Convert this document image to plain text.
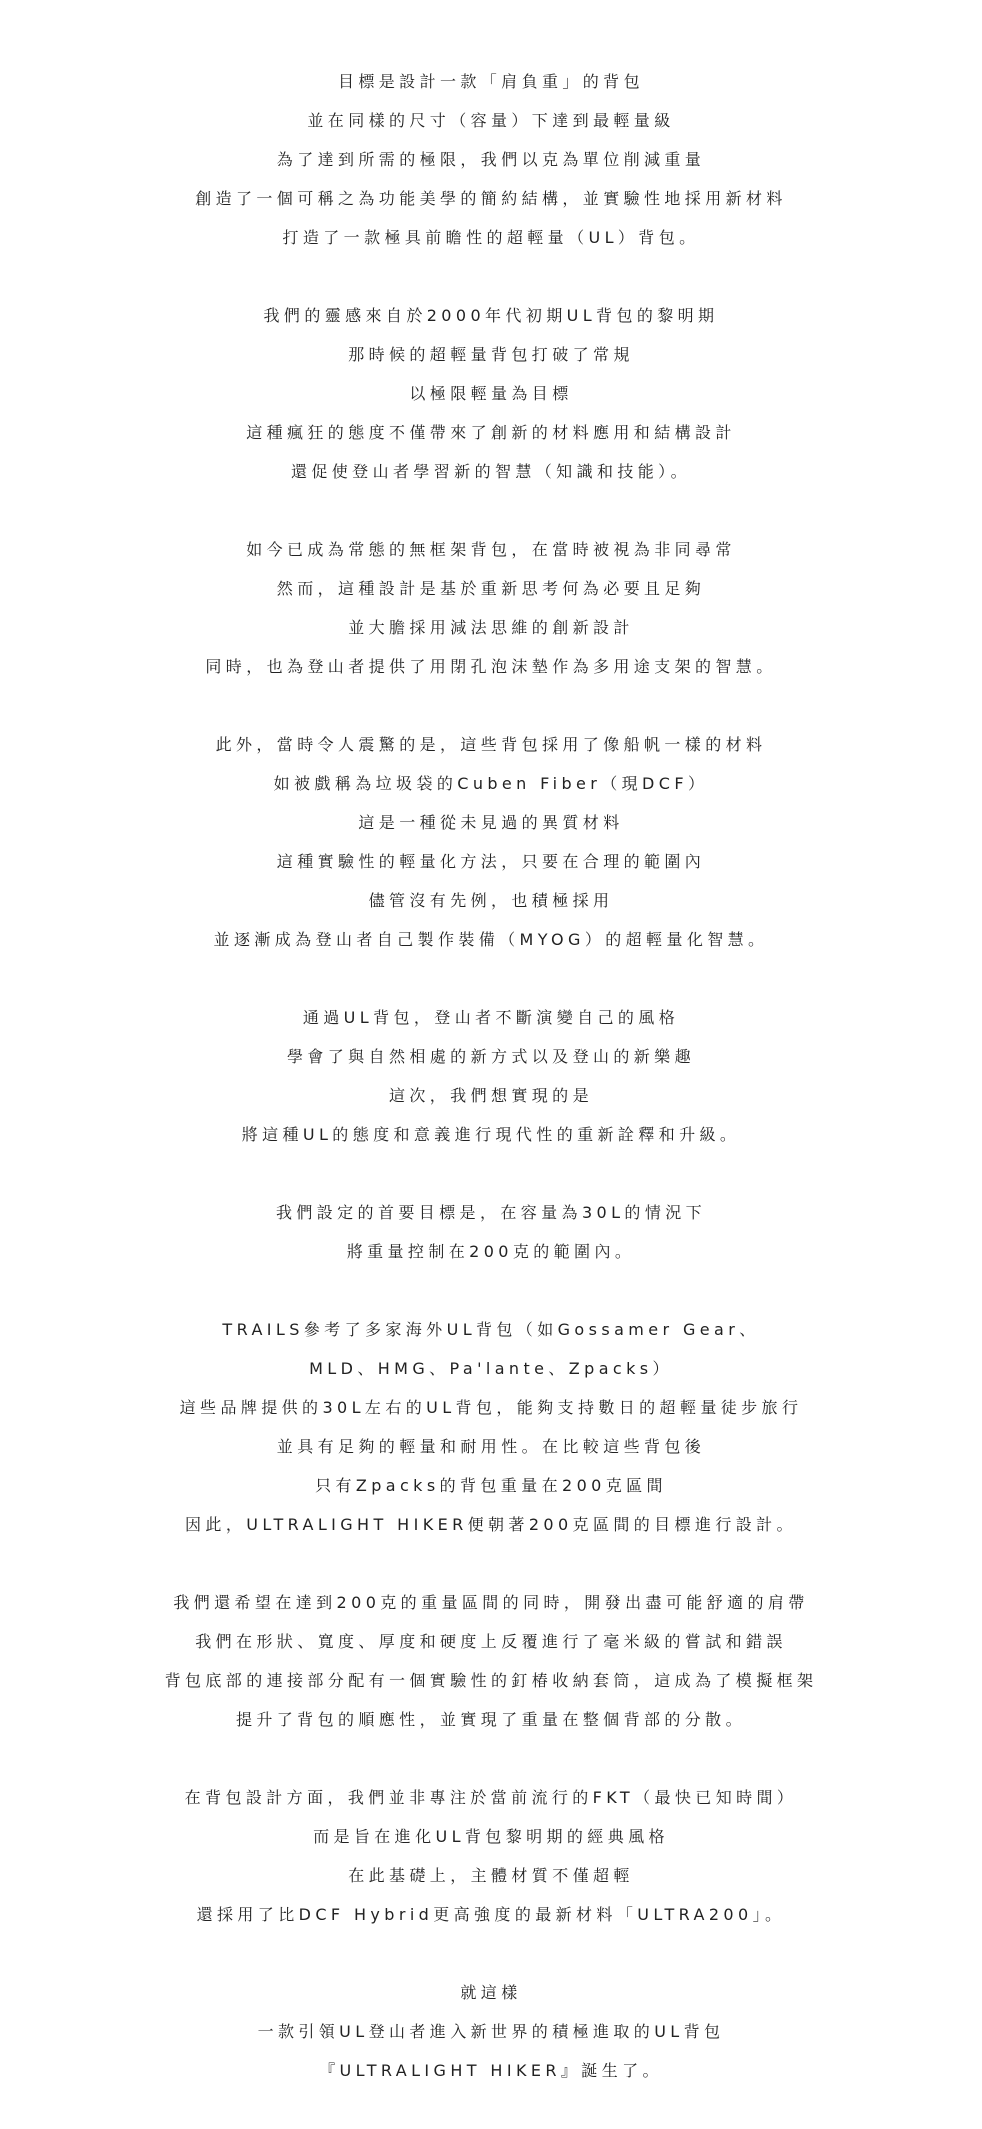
目標是設計一款「肩負重」的背包
並在同樣的尺寸（容量）下達到最輕量級
為了達到所需的極限，我們以克為單位削減重量
創造了一個可稱之為功能美學的簡約結構，並實驗性地採用新材料
打造了一款極具前瞻性的超輕量（UL）背包。

我們的靈感來自於2000年代初期UL背包的黎明期
那時候的超輕量背包打破了常規
以極限輕量為目標
這種瘋狂的態度不僅帶來了創新的材料應用和結構設計
還促使登山者學習新的智慧（知識和技能）。

如今已成為常態的無框架背包，在當時被視為非同尋常
然而，這種設計是基於重新思考何為必要且足夠
並大膽採用減法思維的創新設計
同時，也為登山者提供了用閉孔泡沫墊作為多用途支架的智慧。

此外，當時令人震驚的是，這些背包採用了像船帆一樣的材料
如被戲稱為垃圾袋的Cuben Fiber（現DCF）
這是一種從未見過的異質材料
這種實驗性的輕量化方法，只要在合理的範圍內
儘管沒有先例，也積極採用
並逐漸成為登山者自己製作裝備（MYOG）的超輕量化智慧。

通過UL背包，登山者不斷演變自己的風格
學會了與自然相處的新方式以及登山的新樂趣
這次，我們想實現的是
將這種UL的態度和意義進行現代性的重新詮釋和升級。

我們設定的首要目標是，在容量為30L的情況下
將重量控制在200克的範圍內。

TRAILS參考了多家海外UL背包（如Gossamer Gear、
MLD、HMG、Pa'lante、Zpacks）
這些品牌提供的30L左右的UL背包，能夠支持數日的超輕量徒步旅行
並具有足夠的輕量和耐用性。在比較這些背包後
只有Zpacks的背包重量在200克區間
因此，ULTRALIGHT HIKER便朝著200克區間的目標進行設計。

我們還希望在達到200克的重量區間的同時，開發出盡可能舒適的肩帶
我們在形狀、寬度、厚度和硬度上反覆進行了毫米級的嘗試和錯誤
背包底部的連接部分配有一個實驗性的釘椿收納套筒，這成為了模擬框架
提升了背包的順應性，並實現了重量在整個背部的分散。

在背包設計方面，我們並非專注於當前流行的FKT（最快已知時間）
而是旨在進化UL背包黎明期的經典風格
在此基礎上，主體材質不僅超輕
還採用了比DCF Hybrid更高強度的最新材料「ULTRA200」。

就這樣
一款引領UL登山者進入新世界的積極進取的UL背包
『ULTRALIGHT HIKER』誕生了。
